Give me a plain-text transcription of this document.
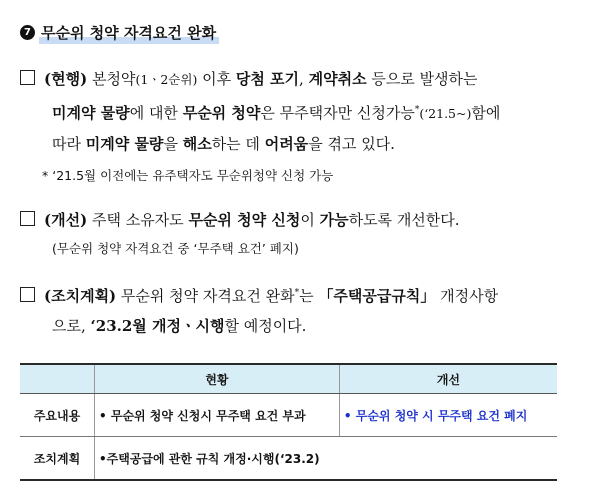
7 무순위 청약 자격요건 완화
(현행) 본청약(1ㆍ2순위) 이후 당첨 포기, 계약취소 등으로 발생하는
미계약 물량에 대한 무순위 청약은 무주택자만 신청가능*(‘21.5~)함에
따라 미계약 물량을 해소하는 데 어려움을 겪고 있다.
* ‘21.5월 이전에는 유주택자도 무순위청약 신청 가능
(개선) 주택 소유자도 무순위 청약 신청이 가능하도록 개선한다.
(무순위 청약 자격요건 중 ‘무주택 요건’ 폐지)
(조치계획) 무순위 청약 자격요건 완화*는 「주택공급규칙」 개정사항
으로, ‘23.2월 개정ㆍ시행할 예정이다.
	현황	개선
주요내용	• 무순위 청약 신청시 무주택 요건 부과	• 무순위 청약 시 무주택 요건 폐지
조치계획	•주택공급에 관한 규칙 개정·시행(‘23.2)	
